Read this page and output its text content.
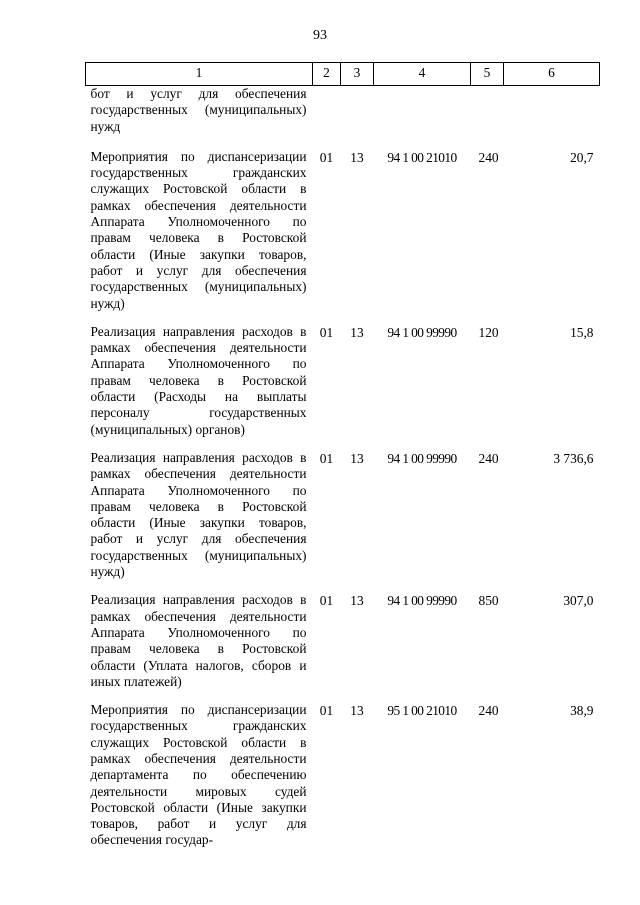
93
1	2	3	4	5	6
бот и услуг для обеспечения государственных (муниципальных) нужд					
Мероприятия по диспансеризации государственных гражданских служащих Ростовской области в рамках обеспечения деятельности Аппарата Уполномоченного по правам человека в Ростовской области (Иные закупки товаров, работ и услуг для обеспечения государственных (муниципальных) нужд)	01	13	94 1 00 21010	240	20,7
Реализация направления расходов в рамках обеспечения деятельности Аппарата Уполномоченного по правам человека в Ростовской области (Расходы на выплаты персоналу государственных (муниципальных) органов)	01	13	94 1 00 99990	120	15,8
Реализация направления расходов в рамках обеспечения деятельности Аппарата Уполномоченного по правам человека в Ростовской области (Иные закупки товаров, работ и услуг для обеспечения государственных (муниципальных) нужд)	01	13	94 1 00 99990	240	3 736,6
Реализация направления расходов в рамках обеспечения деятельности Аппарата Уполномоченного по правам человека в Ростовской области (Уплата налогов, сборов и иных платежей)	01	13	94 1 00 99990	850	307,0
Мероприятия по диспансеризации государственных гражданских служащих Ростовской области в рамках обеспечения деятельности департамента по обеспечению деятельности мировых судей Ростовской области (Иные закупки товаров, работ и услуг для обеспечения государ-	01	13	95 1 00 21010	240	38,9
